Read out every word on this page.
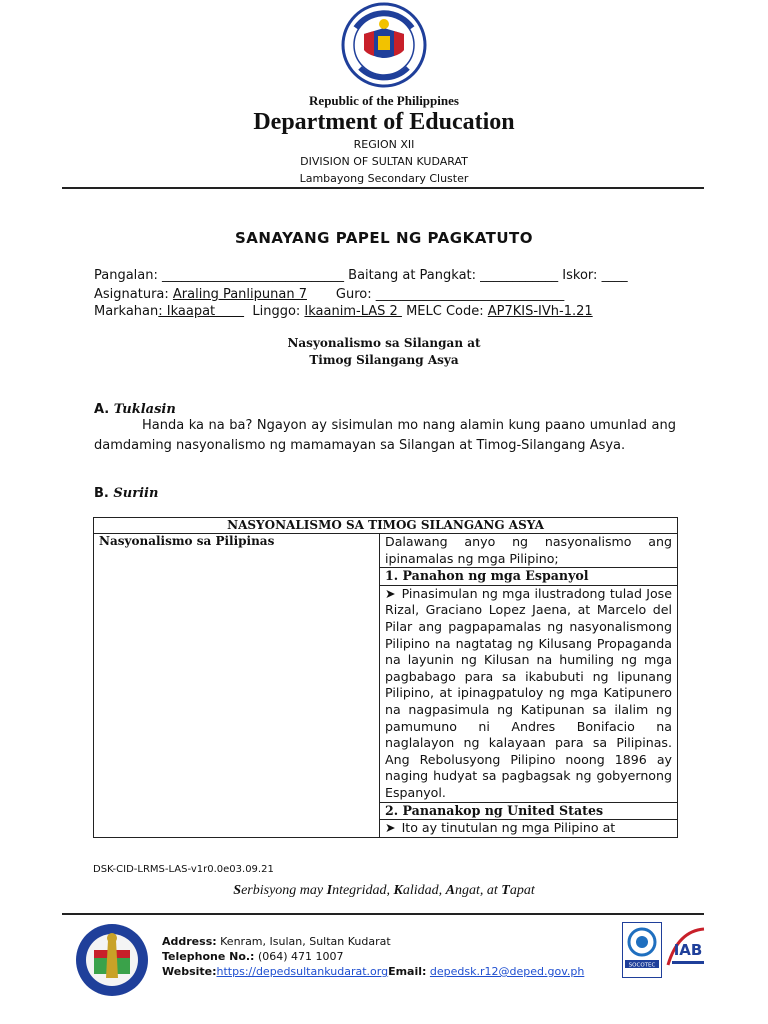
Republic of the Philippines
Department of Education
REGION XII
DIVISION OF SULTAN KUDARAT
Lambayong Secondary Cluster
SANAYANG PAPEL NG PAGKATUTO
Pangalan: ____________________________ Baitang at Pangkat: ____________ Iskor: ____
Asignatura: Araling Panlipunan 7 Guro: _____________________________
Markahan: Ikaapat         Linggo: Ikaanim-LAS 2  MELC Code: AP7KIS-IVh-1.21
Nasyonalismo sa Silangan at
Timog Silangang Asya
A. Tuklasin
Handa ka na ba? Ngayon ay sisimulan mo nang alamin kung paano umunlad ang damdaming nasyonalismo ng mamamayan sa Silangan at Timog-Silangang Asya.
B. Suriin
NASYONALISMO SA TIMOG SILANGANG ASYA
Nasyonalismo sa Pilipinas	Dalawang anyo ng nasyonalismo ang ipinamalas ng mga Pilipino;
1. Panahon ng mga Espanyol
➤ Pinasimulan ng mga ilustradong tulad Jose Rizal, Graciano Lopez Jaena, at Marcelo del Pilar ang pagpapamalas ng nasyonalismong Pilipino na nagtatag ng Kilusang Propaganda na layunin ng Kilusan na humiling ng mga pagbabago para sa ikabubuti ng lipunang Pilipino, at ipinagpatuloy ng mga Katipunero na nagpasimula ng Katipunan sa ilalim ng pamumuno ni Andres Bonifacio na naglalayon ng kalayaan para sa Pilipinas. Ang Rebolusyong Pilipino noong 1896 ay naging hudyat sa pagbagsak ng gobyernong Espanyol.
2. Pananakop ng United States
➤ Ito ay tinutulan ng mga Pilipino at
DSK-CID-LRMS-LAS-v1r0.0e03.09.21
Serbisyong may Integridad, Kalidad, Angat, at Tapat
Address: Kenram, Isulan, Sultan Kudarat
Telephone No.: (064) 471 1007
Website:https://depedsultankudarat.orgEmail: depedsk.r12@deped.gov.ph	SOCOTEC
IAB
